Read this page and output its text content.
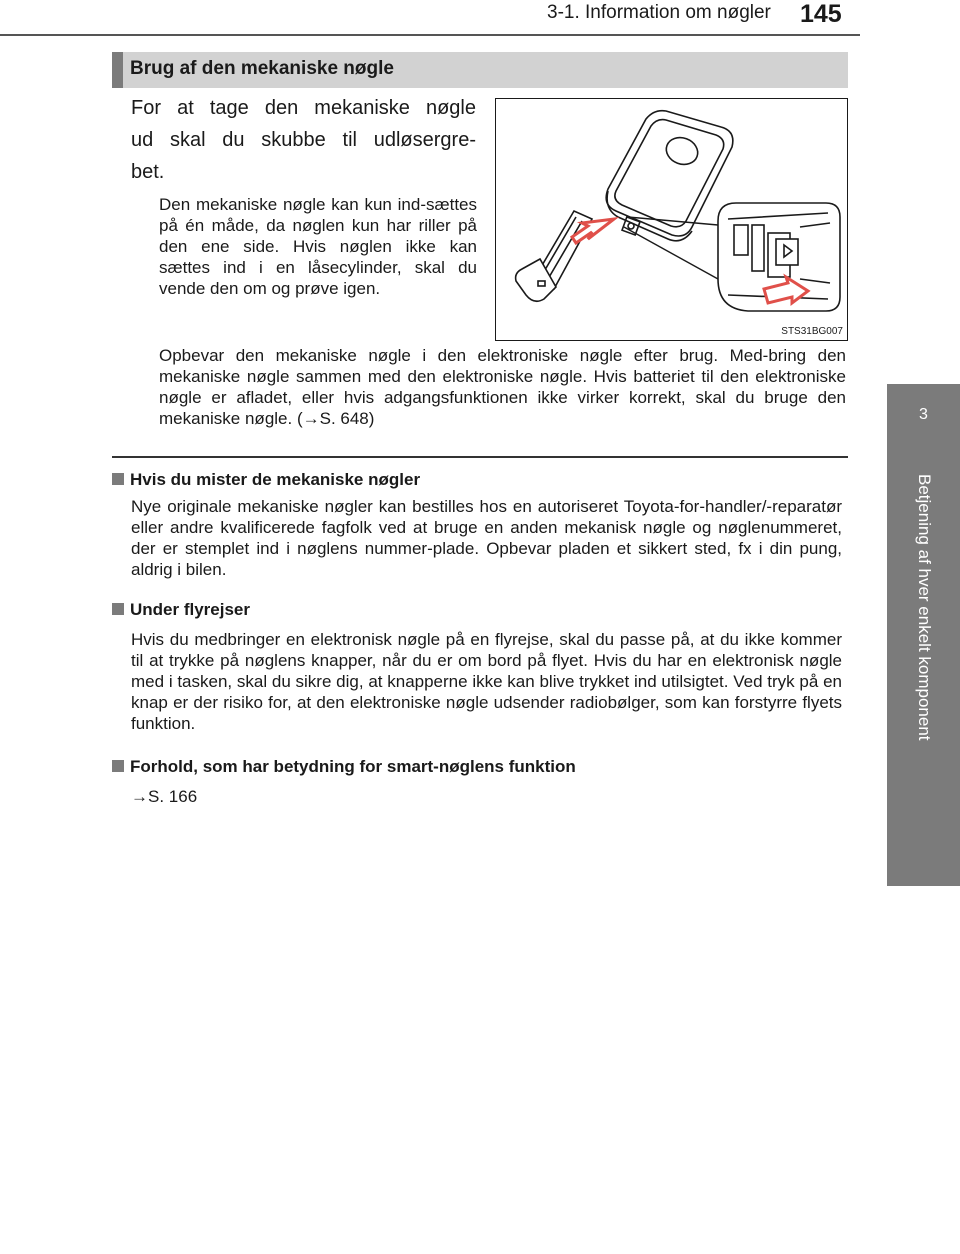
3-1. Information om nøgler 145
3
Betjening af hver enkelt komponent
Brug af den mekaniske nøgle
For at tage den mekaniske nøgle
ud skal du skubbe til udløsergre-
bet.
Den mekaniske nøgle kan kun ind-sættes på én måde, da nøglen kun har riller på den ene side. Hvis nøglen ikke kan sættes ind i en låsecylinder, skal du vende den om og prøve igen.
STS31BG007
Opbevar den mekaniske nøgle i den elektroniske nøgle efter brug. Med-bring den mekaniske nøgle sammen med den elektroniske nøgle. Hvis batteriet til den elektroniske nøgle er afladet, eller hvis adgangsfunktionen ikke virker korrekt, skal du bruge den mekaniske nøgle. (→S. 648)
Hvis du mister de mekaniske nøgler
Nye originale mekaniske nøgler kan bestilles hos en autoriseret Toyota-for-handler/-reparatør eller andre kvalificerede fagfolk ved at bruge en anden mekanisk nøgle og nøglenummeret, der er stemplet ind i nøglens nummer-plade. Opbevar pladen et sikkert sted, fx i din pung, aldrig i bilen.
Under flyrejser
Hvis du medbringer en elektronisk nøgle på en flyrejse, skal du passe på, at du ikke kommer til at trykke på nøglens knapper, når du er om bord på flyet. Hvis du har en elektronisk nøgle med i tasken, skal du sikre dig, at knapperne ikke kan blive trykket ind utilsigtet. Ved tryk på en knap er der risiko for, at den elektroniske nøgle udsender radiobølger, som kan forstyrre flyets funktion.
Forhold, som har betydning for smart-nøglens funktion
→S. 166
